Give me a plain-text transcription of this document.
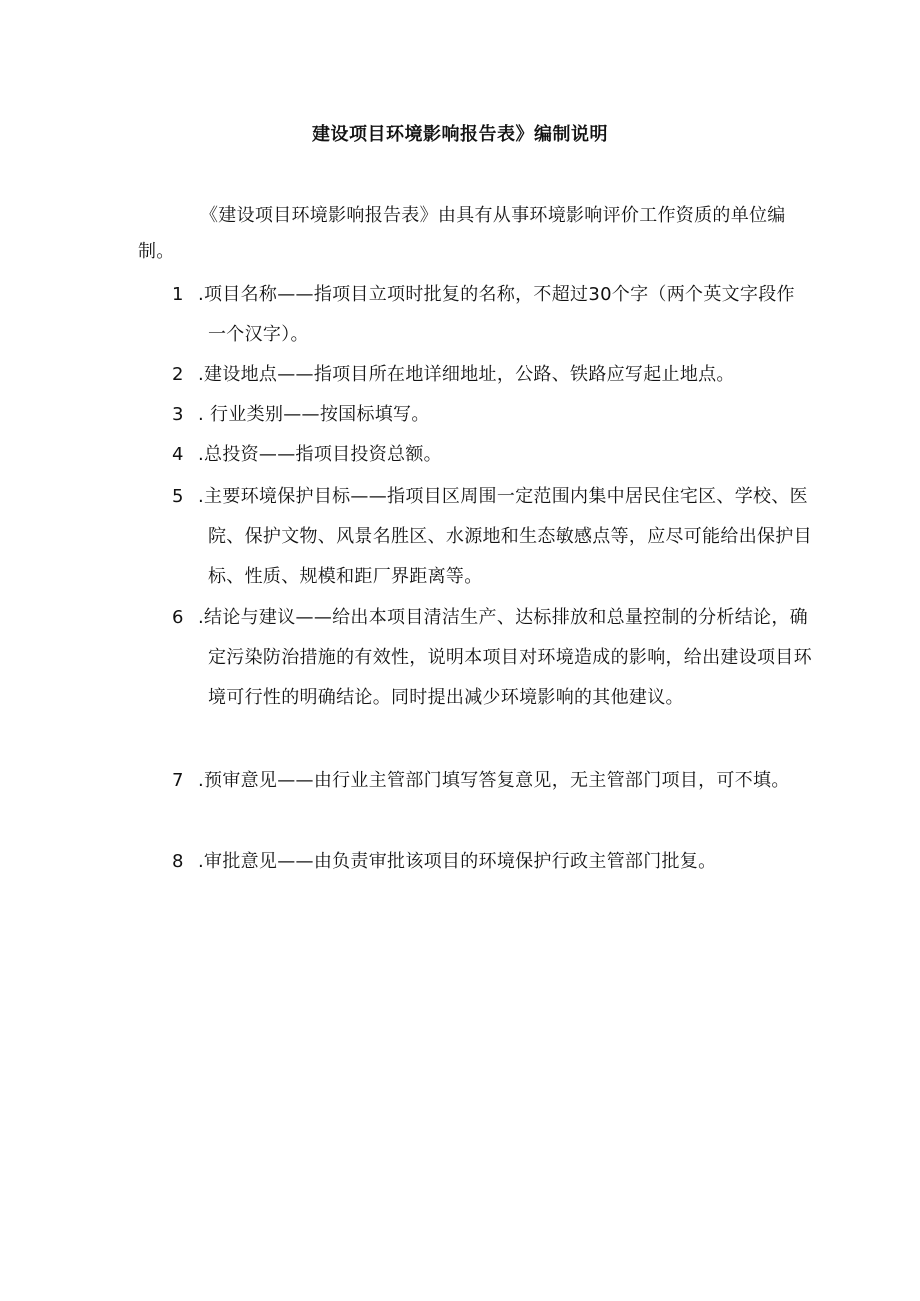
建设项目环境影响报告表》编制说明
《建设项目环境影响报告表》由具有从事环境影响评价工作资质的单位编制。
1 .项目名称——指项目立项时批复的名称，不超过30个字（两个英文字段作一个汉字）。
2 .建设地点——指项目所在地详细地址，公路、铁路应写起止地点。
3 . 行业类别——按国标填写。
4 .总投资——指项目投资总额。
5 .主要环境保护目标——指项目区周围一定范围内集中居民住宅区、学校、医院、保护文物、风景名胜区、水源地和生态敏感点等，应尽可能给出保护目标、性质、规模和距厂界距离等。
6 .结论与建议——给出本项目清洁生产、达标排放和总量控制的分析结论，确定污染防治措施的有效性，说明本项目对环境造成的影响，给出建设项目环境可行性的明确结论。同时提出减少环境影响的其他建议。
7 .预审意见——由行业主管部门填写答复意见，无主管部门项目，可不填。
8 .审批意见——由负责审批该项目的环境保护行政主管部门批复。
